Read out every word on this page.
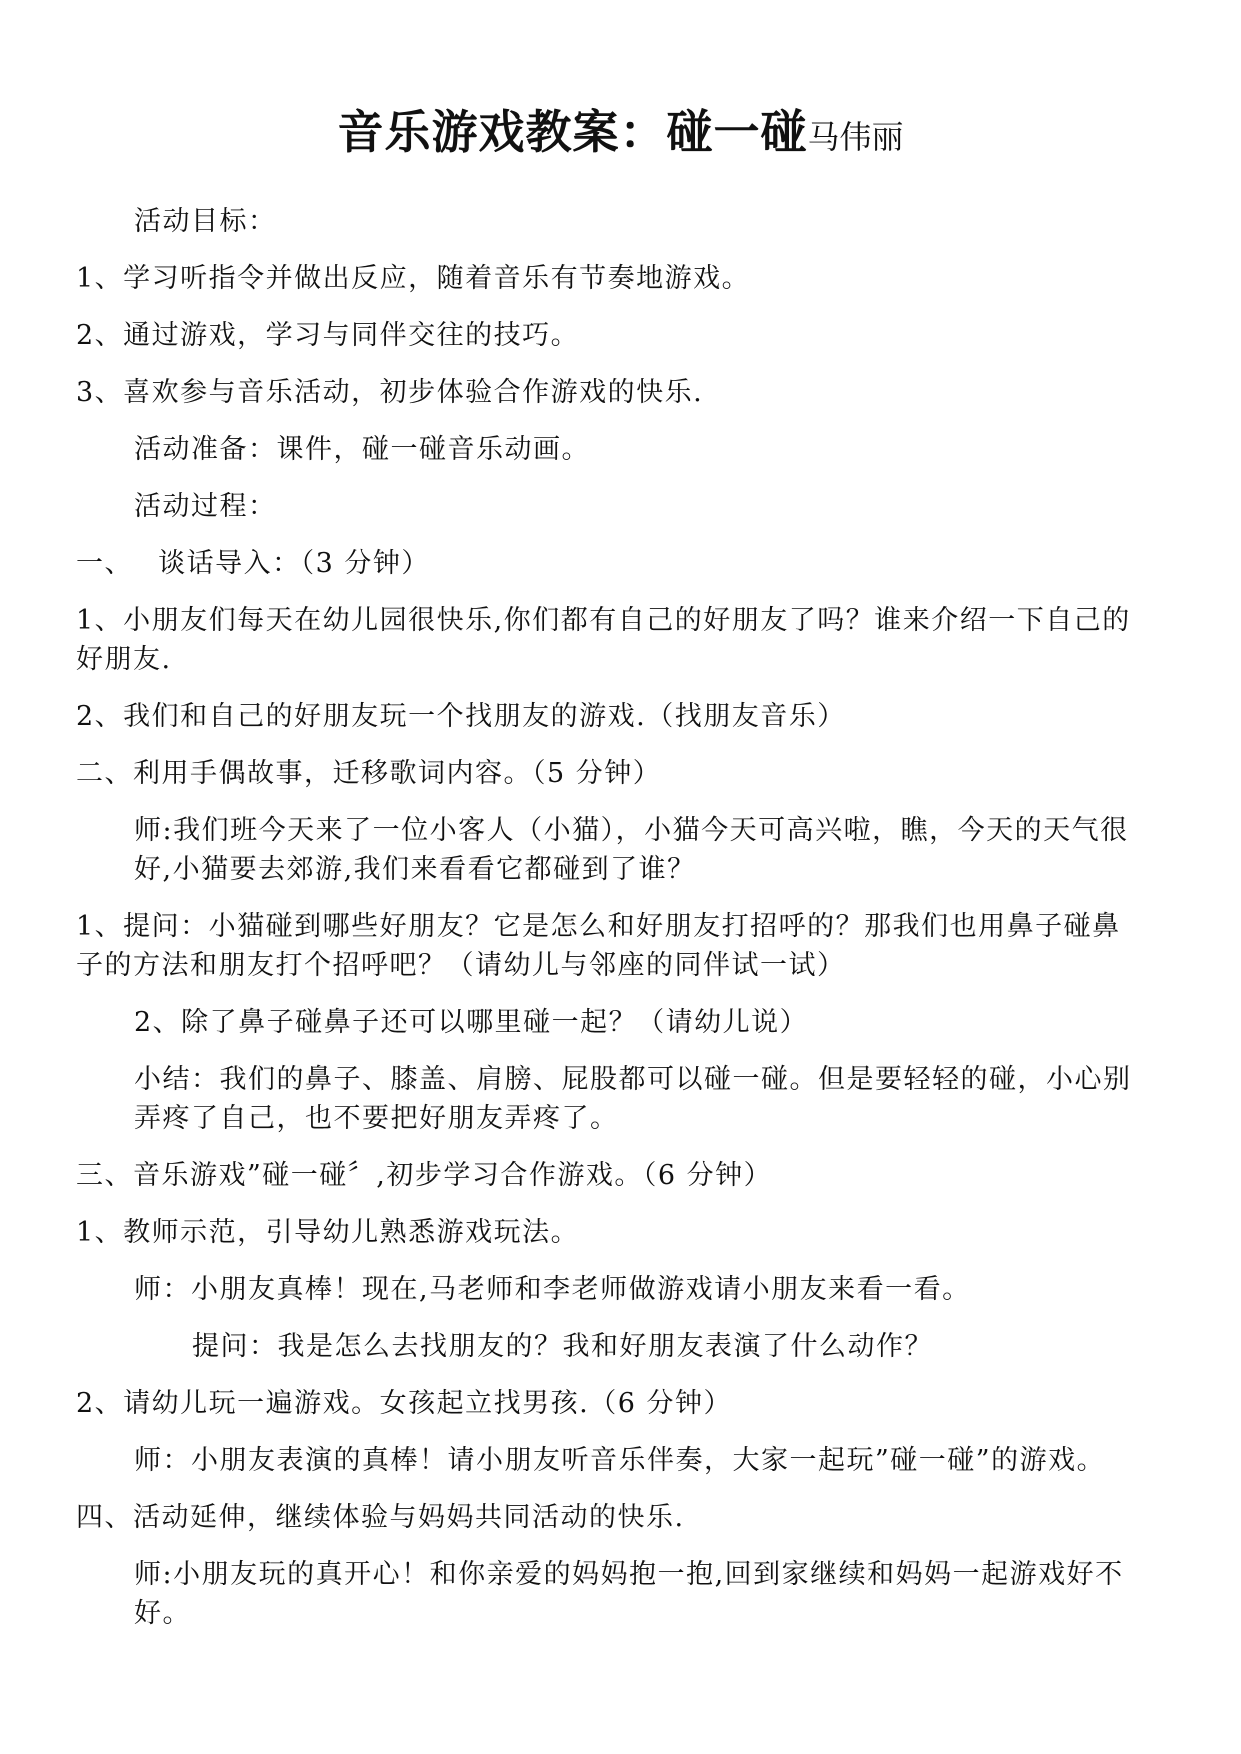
音乐游戏教案：碰一碰马伟丽

活动目标：

1、学习听指令并做出反应，随着音乐有节奏地游戏。

2、通过游戏，学习与同伴交往的技巧。

3、喜欢参与音乐活动，初步体验合作游戏的快乐.

活动准备：课件，碰一碰音乐动画。

活动过程：

一、　 谈话导入：（3 分钟）

1、小朋友们每天在幼儿园很快乐,你们都有自己的好朋友了吗？谁来介绍一下自己的好朋友.

2、我们和自己的好朋友玩一个找朋友的游戏.（找朋友音乐）

二、利用手偶故事，迁移歌词内容。（5 分钟）

师:我们班今天来了一位小客人（小猫），小猫今天可高兴啦，瞧，今天的天气很好,小猫要去郊游,我们来看看它都碰到了谁？

1、提问：小猫碰到哪些好朋友？它是怎么和好朋友打招呼的？那我们也用鼻子碰鼻子的方法和朋友打个招呼吧？（请幼儿与邻座的同伴试一试）

2、除了鼻子碰鼻子还可以哪里碰一起？（请幼儿说）

小结：我们的鼻子、膝盖、肩膀、屁股都可以碰一碰。但是要轻轻的碰，小心别弄疼了自己，也不要把好朋友弄疼了。

三、音乐游戏”碰一碰〞,初步学习合作游戏。（6 分钟）

1、教师示范，引导幼儿熟悉游戏玩法。

师：小朋友真棒！现在,马老师和李老师做游戏请小朋友来看一看。

提问：我是怎么去找朋友的？我和好朋友表演了什么动作？

2、请幼儿玩一遍游戏。女孩起立找男孩.（6 分钟）

师：小朋友表演的真棒！请小朋友听音乐伴奏，大家一起玩”碰一碰”的游戏。

四、活动延伸，继续体验与妈妈共同活动的快乐.

师:小朋友玩的真开心！和你亲爱的妈妈抱一抱,回到家继续和妈妈一起游戏好不好。
